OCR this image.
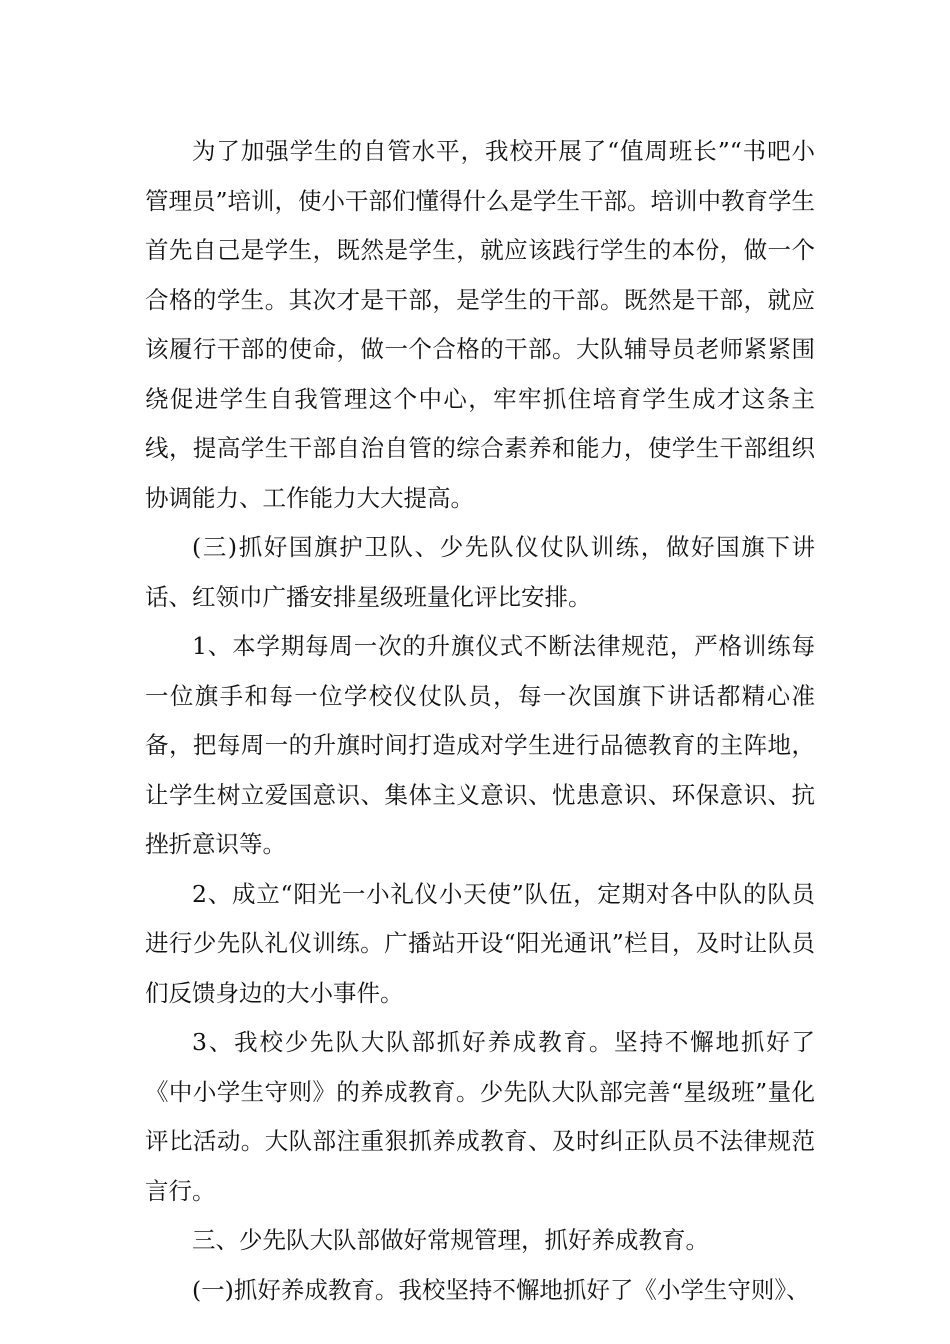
为了加强学生的自管水平，我校开展了“值周班长”“书吧小管理员”培训，使小干部们懂得什么是学生干部。培训中教育学生首先自己是学生，既然是学生，就应该践行学生的本份，做一个合格的学生。其次才是干部，是学生的干部。既然是干部，就应该履行干部的使命，做一个合格的干部。大队辅导员老师紧紧围绕促进学生自我管理这个中心，牢牢抓住培育学生成才这条主线，提高学生干部自治自管的综合素养和能力，使学生干部组织协调能力、工作能力大大提高。

(三)抓好国旗护卫队、少先队仪仗队训练，做好国旗下讲话、红领巾广播安排星级班量化评比安排。

1、本学期每周一次的升旗仪式不断法律规范，严格训练每一位旗手和每一位学校仪仗队员，每一次国旗下讲话都精心准备，把每周一的升旗时间打造成对学生进行品德教育的主阵地，让学生树立爱国意识、集体主义意识、忧患意识、环保意识、抗挫折意识等。

2、成立“阳光一小礼仪小天使”队伍，定期对各中队的队员进行少先队礼仪训练。广播站开设“阳光通讯”栏目，及时让队员们反馈身边的大小事件。

3、我校少先队大队部抓好养成教育。坚持不懈地抓好了《中小学生守则》的养成教育。少先队大队部完善“星级班”量化评比活动。大队部注重狠抓养成教育、及时纠正队员不法律规范言行。

三、少先队大队部做好常规管理，抓好养成教育。

(一)抓好养成教育。我校坚持不懈地抓好了《小学生守则》、
